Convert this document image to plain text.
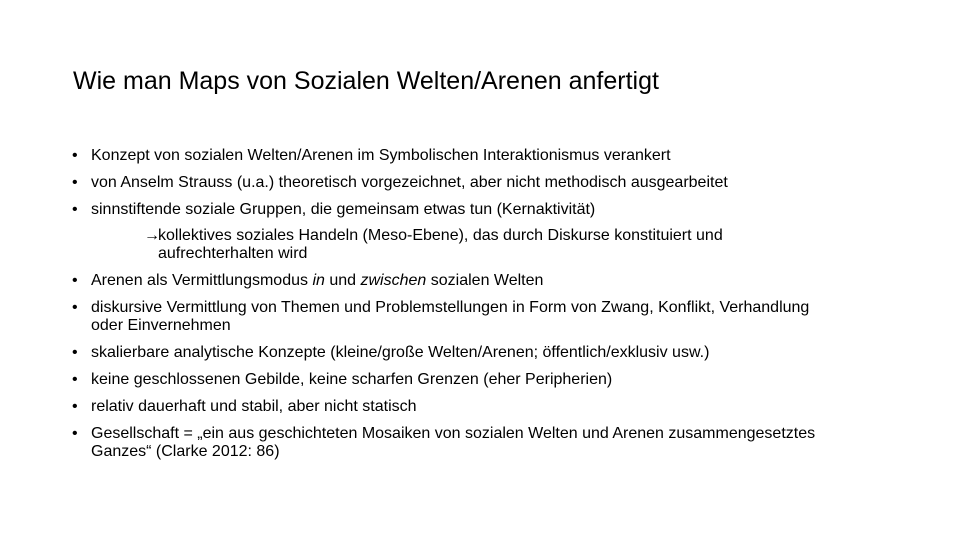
Wie man Maps von Sozialen Welten/Arenen anfertigt
• Konzept von sozialen Welten/Arenen im Symbolischen Interaktionismus verankert
• von Anselm Strauss (u.a.) theoretisch vorgezeichnet, aber nicht methodisch ausgearbeitet
• sinnstiftende soziale Gruppen, die gemeinsam etwas tun (Kernaktivität)
→
kollektives soziales Handeln (Meso-Ebene), das durch Diskurse konstituiert und aufrechterhalten wird
• Arenen als Vermittlungsmodus in und zwischen sozialen Welten
• diskursive Vermittlung von Themen und Problemstellungen in Form von Zwang, Konflikt, Verhandlung oder Einvernehmen
• skalierbare analytische Konzepte (kleine/große Welten/Arenen; öffentlich/exklusiv usw.)
• keine geschlossenen Gebilde, keine scharfen Grenzen (eher Peripherien)
• relativ dauerhaft und stabil, aber nicht statisch
• Gesellschaft = „ein aus geschichteten Mosaiken von sozialen Welten und Arenen zusammengesetztes Ganzes“ (Clarke 2012: 86)
